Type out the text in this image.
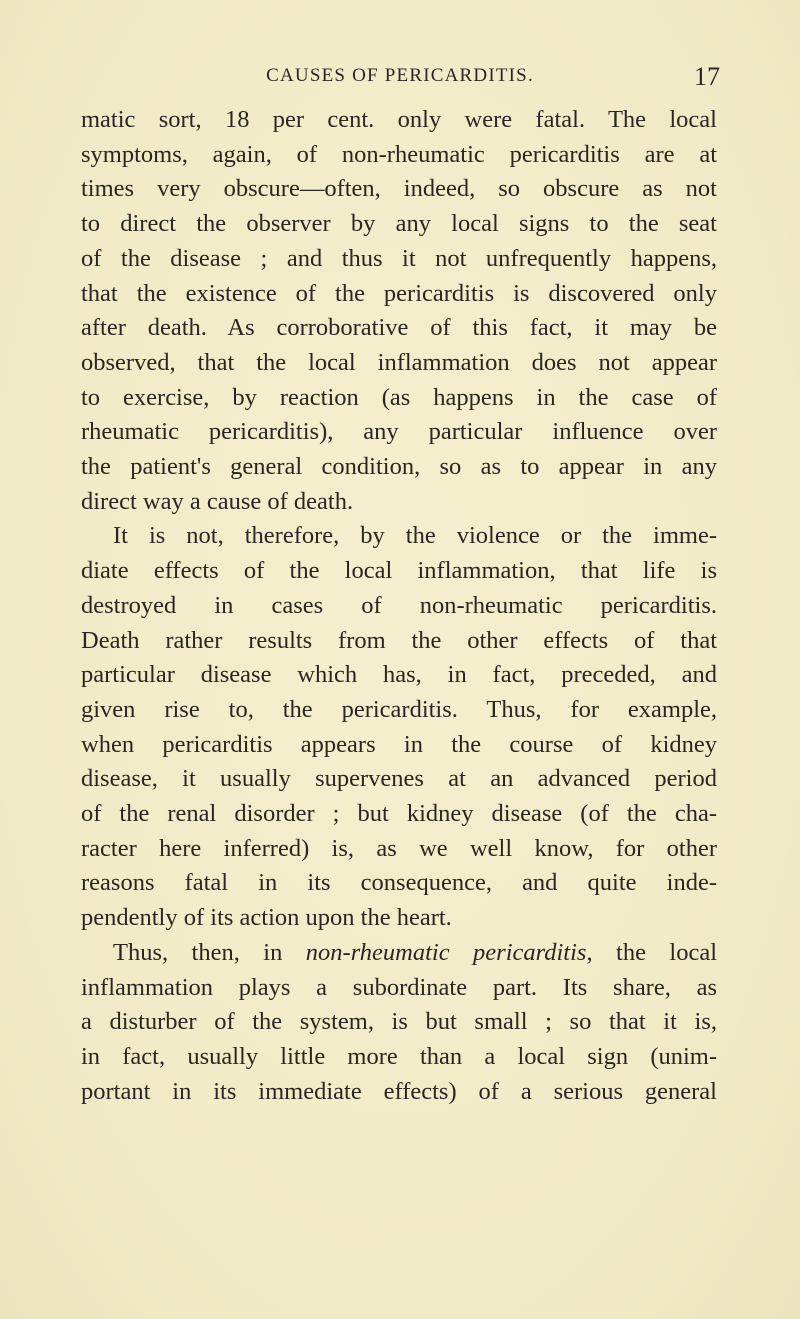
CAUSES OF PERICARDITIS.	17

matic sort, 18 per cent. only were fatal. The local
symptoms, again, of non-rheumatic pericarditis are at
times very obscure—often, indeed, so obscure as not
to direct the observer by any local signs to the seat
of the disease ; and thus it not unfrequently happens,
that the existence of the pericarditis is discovered only
after death. As corroborative of this fact, it may be
observed, that the local inflammation does not appear
to exercise, by reaction (as happens in the case of
rheumatic pericarditis), any particular influence over
the patient's general condition, so as to appear in any
direct way a cause of death.

It is not, therefore, by the violence or the imme-
diate effects of the local inflammation, that life is
destroyed in cases of non-rheumatic pericarditis.
Death rather results from the other effects of that
particular disease which has, in fact, preceded, and
given rise to, the pericarditis. Thus, for example,
when pericarditis appears in the course of kidney
disease, it usually supervenes at an advanced period
of the renal disorder ; but kidney disease (of the cha-
racter here inferred) is, as we well know, for other
reasons fatal in its consequence, and quite inde-
pendently of its action upon the heart.

Thus, then, in non-rheumatic pericarditis, the local
inflammation plays a subordinate part. Its share, as
a disturber of the system, is but small ; so that it is,
in fact, usually little more than a local sign (unim-
portant in its immediate effects) of a serious general
